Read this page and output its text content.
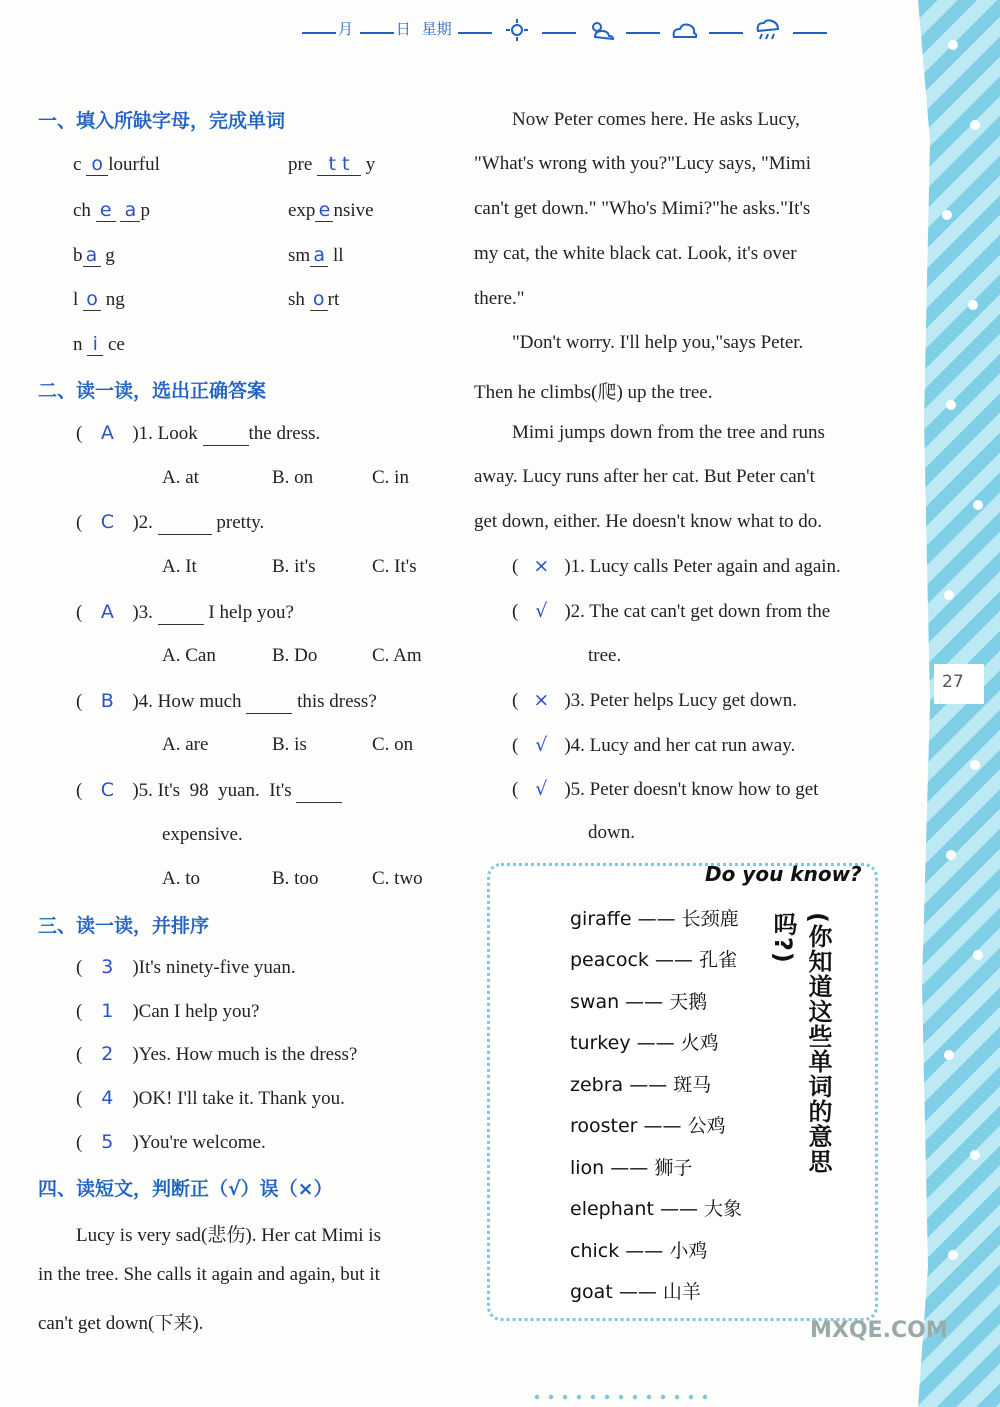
27
月	日 星期
一、填入所缺字母，完成单词
c o lourful	pre t t y
ch e a p	exp e nsive
b a g	sm a ll
l o ng	sh o rt
n i ce
二、读一读，选出正确答案
( A )1. Look	the dress.
A. at	B. on	C. in
( C )2.	pretty.
A. It	B. it's	C. It's
( A )3.	I help you?
A. Can	B. Do	C. Am
( B )4. How much	this dress?
A. are	B. is	C. on
( C )5. It's  98  yuan.  It's
expensive.
A. to	B. too	C. two
三、读一读，并排序
( 3 )It's ninety-five yuan.
( 1 )Can I help you?
( 2 )Yes. How much is the dress?
( 4 )OK! I'll take it. Thank you.
( 5 )You're welcome.
四、读短文，判断正（√）误（×）
Lucy is very sad(悲伤). Her cat Mimi is
in the tree. She calls it again and again, but it
can't get down(下来).
Now Peter comes here. He asks Lucy,
"What's wrong with you?"Lucy says, "Mimi
can't get down." "Who's Mimi?"he asks."It's
my cat, the white black cat. Look, it's over
there."
"Don't worry. I'll help you,"says Peter.
Then he climbs(爬) up the tree.
Mimi jumps down from the tree and runs
away. Lucy runs after her cat. But Peter can't
get down, either. He doesn't know what to do.
( × )1. Lucy calls Peter again and again.
( √ )2. The cat can't get down from the
tree.
( × )3. Peter helps Lucy get down.
( √ )4. Lucy and her cat run away.
( √ )5. Peter doesn't know how to get
down.
Do you know?
giraffe —— 长颈鹿
peacock —— 孔雀
swan —— 天鹅
turkey —— 火鸡
zebra —— 斑马
rooster —— 公鸡
lion —— 狮子
elephant —— 大象
chick —— 小鸡
goat —— 山羊
(你知道这些单词的意思吗?)
MXQE.COM
